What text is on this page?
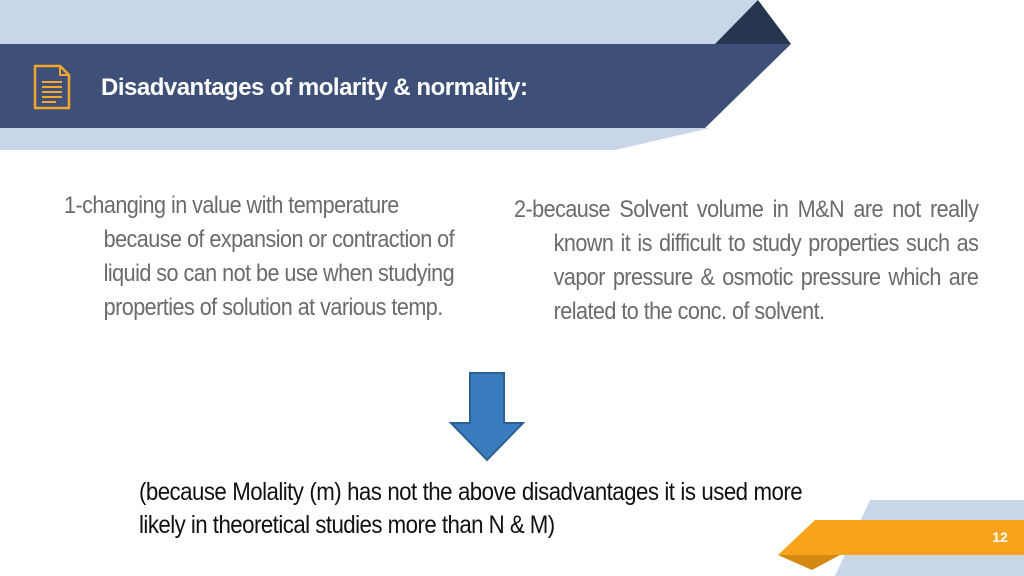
Disadvantages of molarity & normality:

1-changing in value with temperature because of expansion or contraction of liquid so can not be use when studying properties of solution at various temp.

2-because Solvent volume in M&N are not really known it is difficult to study properties such as vapor pressure & osmotic pressure which are related to the conc. of solvent.

(because Molality (m) has not the above disadvantages it is used more likely in theoretical studies more than N & M)	12
